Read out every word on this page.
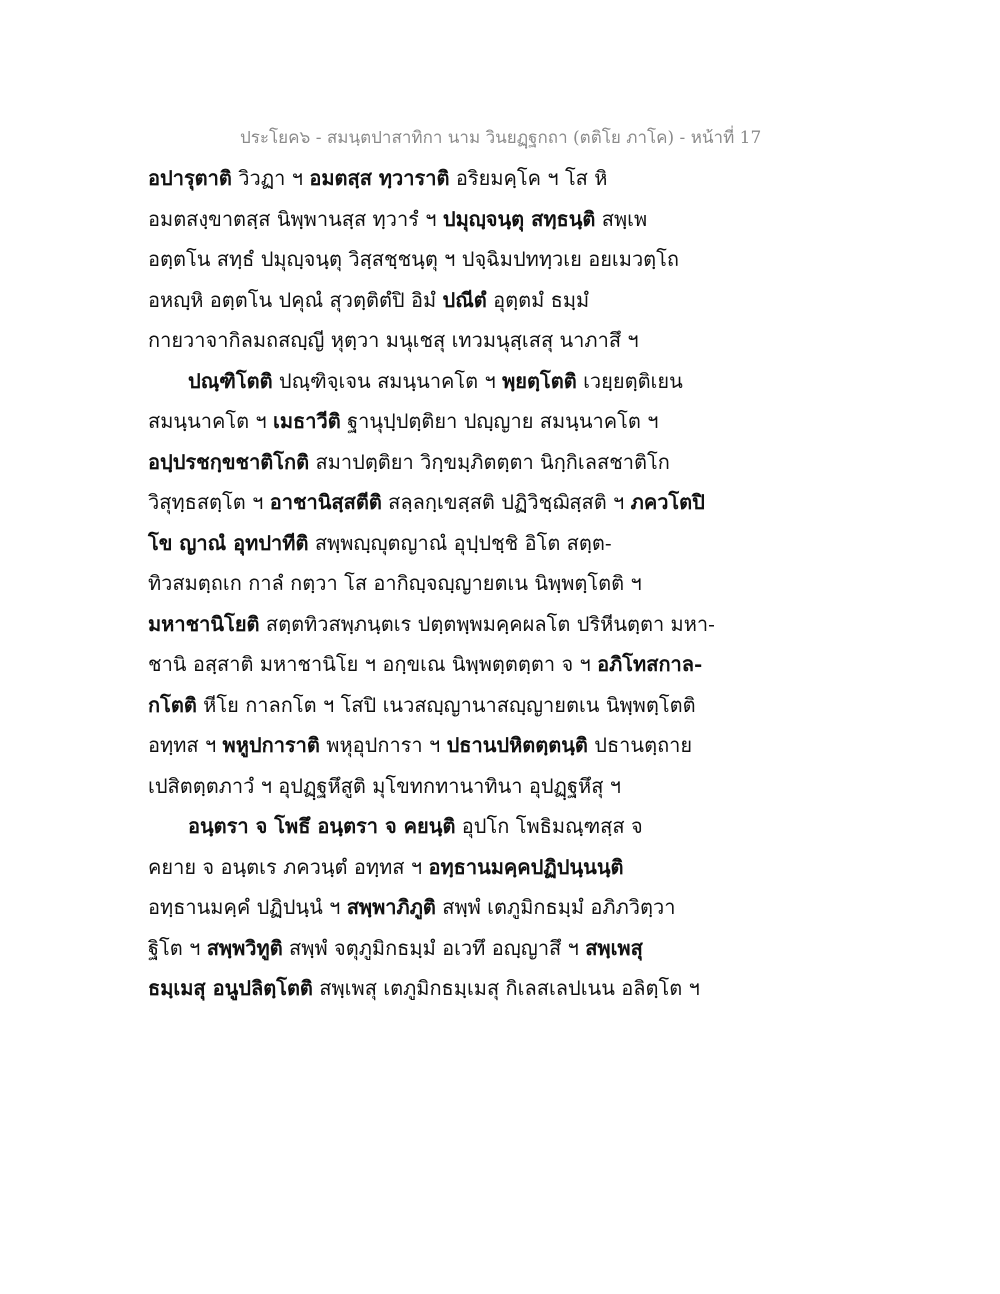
ประโยค๖ - สมนฺตปาสาทิกา นาม วินยฏฺฐกถา (ตติโย ภาโค) - หน้าที่ 17
อปารุตาติ วิวฏา ฯ อมตสฺส ทฺวาราติ อริยมคฺโค ฯ โส หิ
อมตสงฺขาตสฺส นิพฺพานสฺส ทฺวารํ ฯ ปมุญฺจนฺตุ สทฺธนฺติ สพฺเพ
อตฺตโน สทฺธํ ปมุญฺจนฺตุ วิสฺสชฺชนฺตุ ฯ ปจฺฉิมปททฺวเย อยเมวตฺโถ
อหญฺหิ อตฺตโน ปคุณํ สุวตฺติตํปิ อิมํ ปณีตํ อุตฺตมํ ธมฺมํ
กายวาจากิลมถสญฺญี หุตฺวา มนุเชสุ เทวมนุสฺเสสุ นาภาสึ ฯ
ปณฺฑิโตติ ปณฺฑิจฺเจน สมนฺนาคโต ฯ พฺยตฺโตติ เวยฺยตฺติเยน
สมนฺนาคโต ฯ เมธาวีติ ฐานุปฺปตฺติยา ปญฺญาย สมนฺนาคโต ฯ
อปฺปรชกฺขชาติโกติ สมาปตฺติยา วิกฺขมฺภิตตฺตา นิกฺกิเลสชาติโก
วิสุทฺธสตฺโต ฯ อาชานิสฺสตีติ สลฺลกฺเขสฺสติ ปฏิวิชฺฌิสฺสติ ฯ ภควโตปิ
โข ญาณํ อุทปาทีติ สพฺพญฺญุตญาณํ อุปฺปชฺชิ อิโต สตฺต-
ทิวสมตฺถเก กาลํ กตฺวา โส อากิญฺจญฺญายตเน นิพฺพตฺโตติ ฯ
มหาชานิโยติ สตฺตทิวสพฺภนฺตเร ปตฺตพฺพมคฺคผลโต ปริหีนตฺตา มหา-
ชานิ อสฺสาติ มหาชานิโย ฯ อกฺขเณ นิพฺพตฺตตฺตา จ ฯ อภิโทสกาล-
กโตติ หีโย กาลกโต ฯ โสปิ เนวสญฺญานาสญฺญายตเน นิพฺพตฺโตติ
อทฺทส ฯ พหูปการาติ พหุอุปการา ฯ ปธานปหิตตฺตนฺติ ปธานตฺถาย
เปสิตตฺตภาวํ ฯ อุปฏฺฐหึสูติ มุโขทกทานาทินา อุปฏฺฐหึสุ ฯ
อนฺตรา จ โพธึ อนฺตรา จ คยนฺติ อุปโก โพธิมณฺฑสฺส จ
คยาย จ อนฺตเร ภควนฺตํ อทฺทส ฯ อทฺธานมคฺคปฏิปนฺนนฺติ
อทฺธานมคฺคํ ปฏิปนฺนํ ฯ สพฺพาภิภูติ สพฺพํ เตภูมิกธมฺมํ อภิภวิตฺวา
ฐิโต ฯ สพฺพวิทูติ สพฺพํ จตุภูมิกธมฺมํ อเวทึ อญฺญาสึ ฯ สพฺเพสุ
ธมฺเมสุ อนูปลิตฺโตติ สพฺเพสุ เตภูมิกธมฺเมสุ กิเลสเลปเนน อลิตฺโต ฯ
